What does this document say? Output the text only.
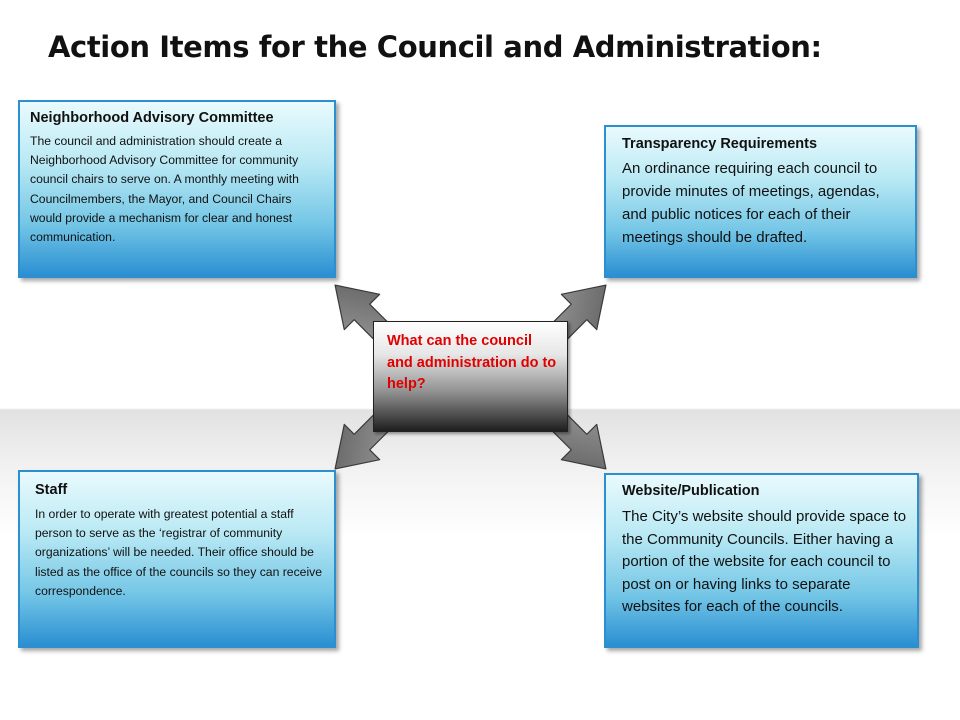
Action Items for the Council and Administration:
Neighborhood Advisory Committee
The council and administration should create a Neighborhood Advisory Committee for community council chairs to serve on. A monthly meeting with Councilmembers, the Mayor, and Council Chairs would provide a mechanism for clear and honest communication.
Transparency Requirements
An ordinance requiring each council to provide minutes of meetings, agendas, and public notices for each of their meetings should be drafted.
Staff
In order to operate with greatest potential a staff person to serve as the ‘registrar of community organizations’ will be needed. Their office should be listed as the office of the councils so they can receive correspondence.
Website/Publication
The City’s website should provide space to the Community Councils. Either having a portion of the website for each council to post on or having links to separate websites for each of the councils.
What can the council and administration do to help?
